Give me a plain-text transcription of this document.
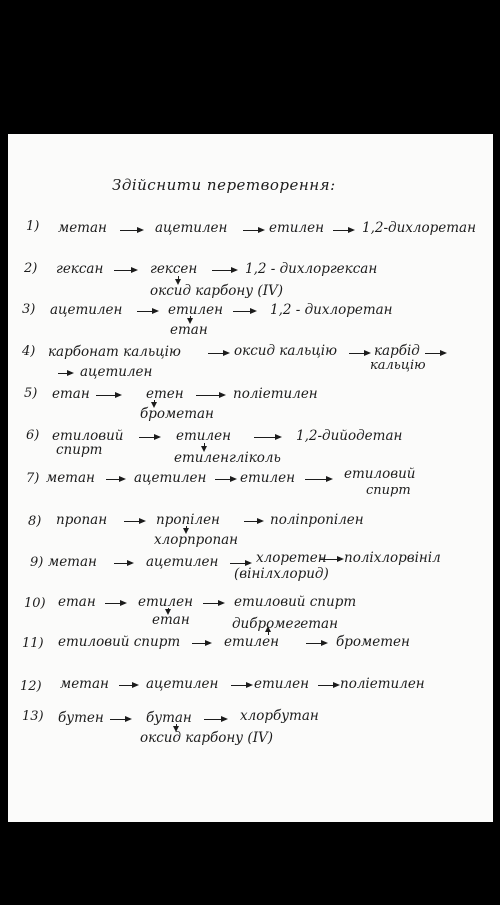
Здійснити перетворення:
1) метан	ацетилен	етилен	1,2-дихлоретан
2) гексан	гексен	1,2 - дихлоргексан
оксид карбону (IV)
3) ацетилен	етилен	1,2 - дихлоретан
етан
4) карбонат кальцію	оксид кальцію	карбід
кальцію
ацетилен
5) етан	етен	поліетилен
брометан
6) етиловий
спирт
етилен	1,2-дийодетан
етиленгліколь
7) метан	ацетилен етилен	етиловий
спирт
8) пропан	пропілен	поліпропілен
хлорпропан
9) метан	ацетилен	хлоретен поліхлорвініл
(вінілхлорид)
10) етан	етилен	етиловий спирт
етан	дибромегетан
11) етиловий спирт	етилен	брометен
12) метан	ацетилен	етилен поліетилен
13) бутен	бутан	хлорбутан
оксид карбону (IV)
